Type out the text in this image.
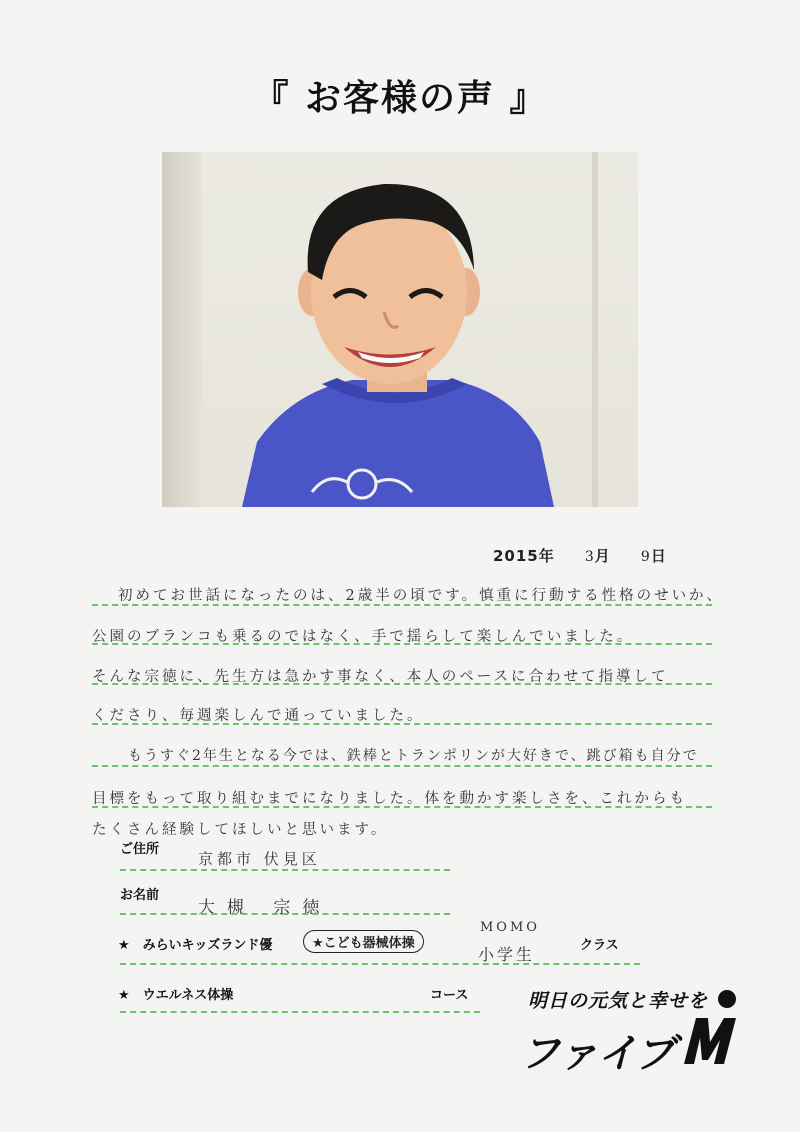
『 お客様の声 』
2015年 3月 9日
初めてお世話になったのは、2歳半の頃です。慎重に行動する性格のせいか、
公園のブランコも乗るのではなく、手で揺らして楽しんでいました。
そんな宗徳に、先生方は急かす事なく、本人のペースに合わせて指導して
くださり、毎週楽しんで通っていました。
もうすぐ2年生となる今では、鉄棒とトランポリンが大好きで、跳び箱も自分で
目標をもって取り組むまでになりました。体を動かす楽しさを、これからも
たくさん経験してほしいと思います。
ご住所
京都市 伏見区
お名前
大槻 宗徳
★　みらいキッズランド優	★こども器械体操
MOMO
小学生	クラス
★　ウエルネス体操	コース	明日の元気と幸せを
ファイブ
